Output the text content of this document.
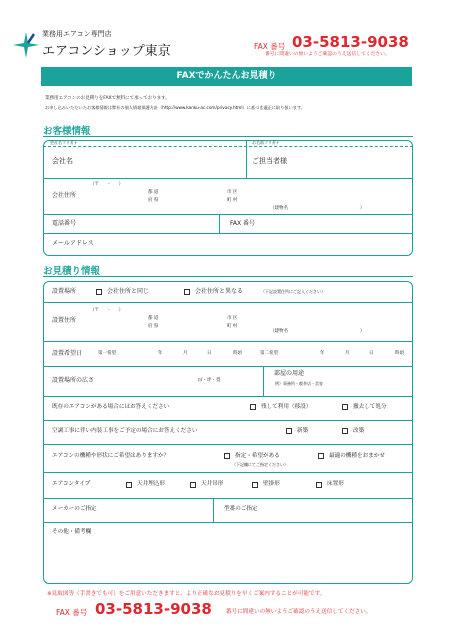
業務用エアコン専門店
エアコンショップ東京	FAX 番号 03-5813-9038
番号に間違いの無いようご確認のうえ送信してください。
FAXでかんたんお見積り
業務用エアコンのお見積りをFAXで無料にて承っております。
お申し込みいただいたお客様情報は弊社の個人情報保護方針（http://www.kanku-ac.com/privacy.html）に基づき適正に取り扱います。
お客様情報
会社名フリガナ
会社名
お名前フリガナ
ご担当者様
会社住所
（〒　　-　　）
都 道
府 県
市 区
町 村
（建物名　　　　　　　　　　　　　　　　）
電話番号	FAX 番号
メールアドレス
お見積り情報
設置場所	会社住所と同じ	会社住所と異なる	（下記設置住所にご記入ください）
設置住所
（〒　　-　　）
都 道
府 県
市 区
町 村
（建物名　　　　　　　　　　　　　　　　）
設置希望日	第一希望	年	月	日	時頃	第二希望	年	月	日	時頃
設置場所の広さ	㎡・坪・畳
部屋の用途
例）事務所・喫茶店・美容
既存のエアコンがある場合にはお答えください	残して利用（移設）	撤去して処分
空調工事に伴い内装工事をご予定の場合にお答えください	新築	改築
エアコンの機種や形状にご希望はありますか？	指定・希望がある
（下記欄にてご指定ください）
最適の機種をおまかせ
エアコンタイプ	天井埋込形	天井吊形	壁掛形	床置形
メーカーのご指定	型番のご指定
その他・備考欄
※見取図等（手書きでも可）をご用意いただきますと、より正確なお見積りを早くご案内することが可能です。
FAX 番号 03-5813-9038	番号に間違いの無いようご確認のうえ送信してください。
